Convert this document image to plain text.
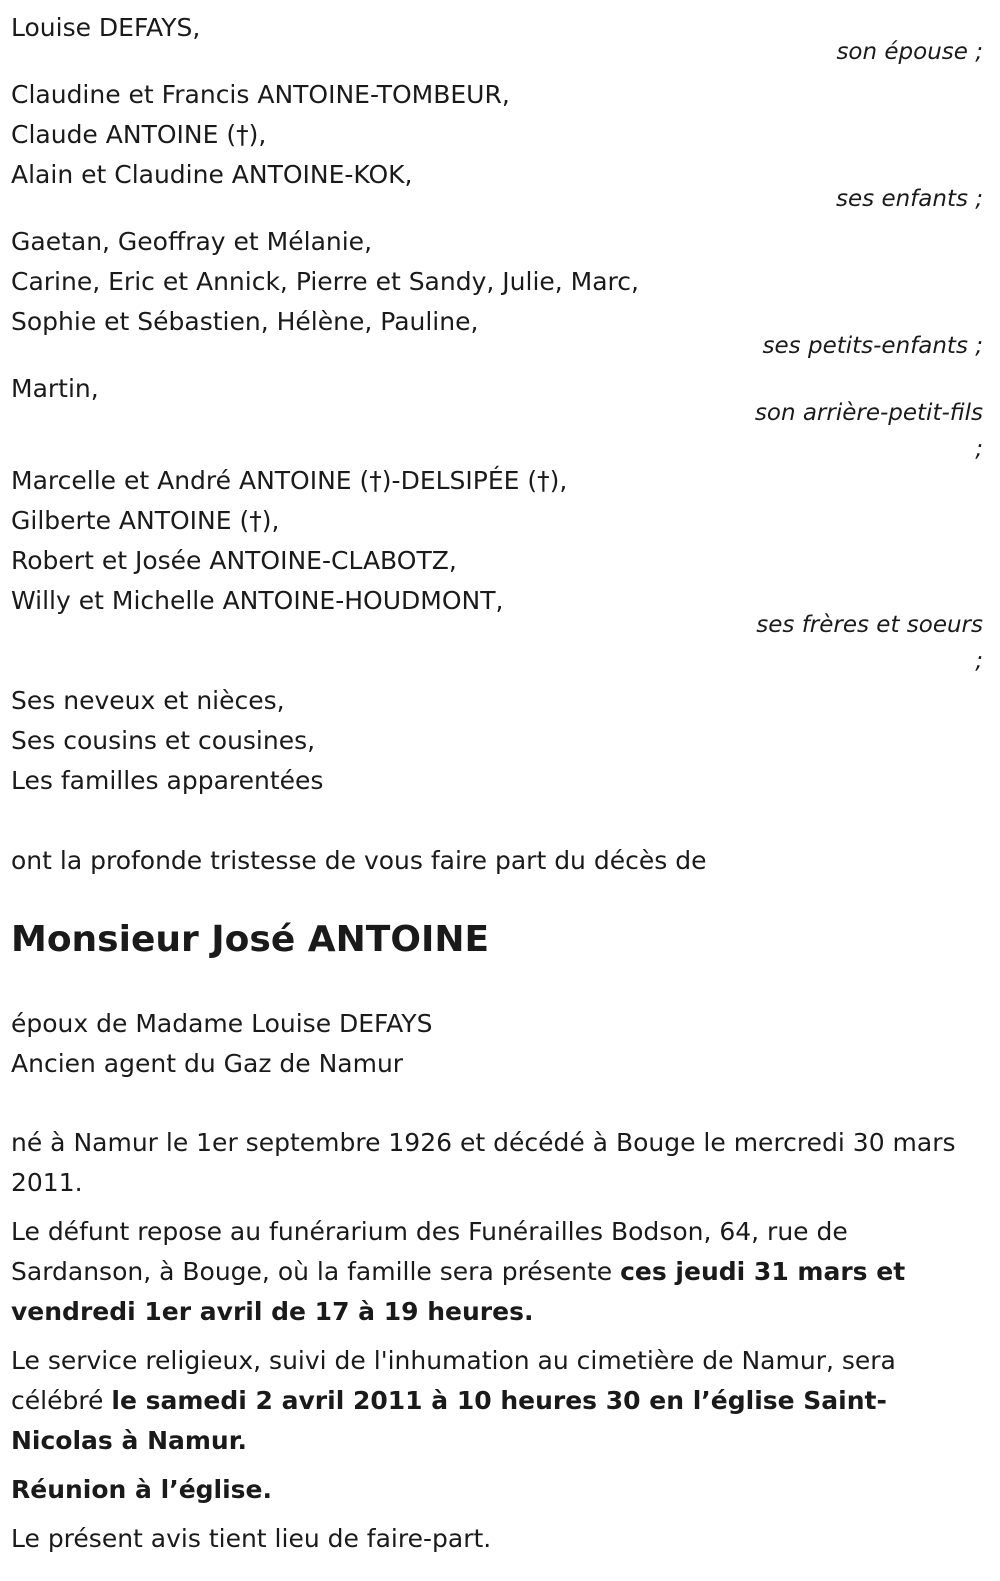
Louise DEFAYS,

son épouse ;

Claudine et Francis ANTOINE-TOMBEUR,

Claude ANTOINE (†),

Alain et Claudine ANTOINE-KOK,

ses enfants ;

Gaetan, Geoffray et Mélanie,

Carine, Eric et Annick, Pierre et Sandy, Julie, Marc,

Sophie et Sébastien, Hélène, Pauline,

ses petits-enfants ;

Martin,

son arrière-petit-fils

;

Marcelle et André ANTOINE (†)-DELSIPÉE (†),

Gilberte ANTOINE (†),

Robert et Josée ANTOINE-CLABOTZ,

Willy et Michelle ANTOINE-HOUDMONT,

ses frères et soeurs

;

Ses neveux et nièces,

Ses cousins et cousines,

Les familles apparentées

ont la profonde tristesse de vous faire part du décès de

Monsieur José ANTOINE

époux de Madame Louise DEFAYS

Ancien agent du Gaz de Namur

né à Namur le 1er septembre 1926 et décédé à Bouge le mercredi 30 mars 2011.

Le défunt repose au funérarium des Funérailles Bodson, 64, rue de Sardanson, à Bouge, où la famille sera présente ces jeudi 31 mars et vendredi 1er avril de 17 à 19 heures.

Le service religieux, suivi de l'inhumation au cimetière de Namur, sera célébré le samedi 2 avril 2011 à 10 heures 30 en l’église Saint-Nicolas à Namur.

Réunion à l’église.

Le présent avis tient lieu de faire-part.
